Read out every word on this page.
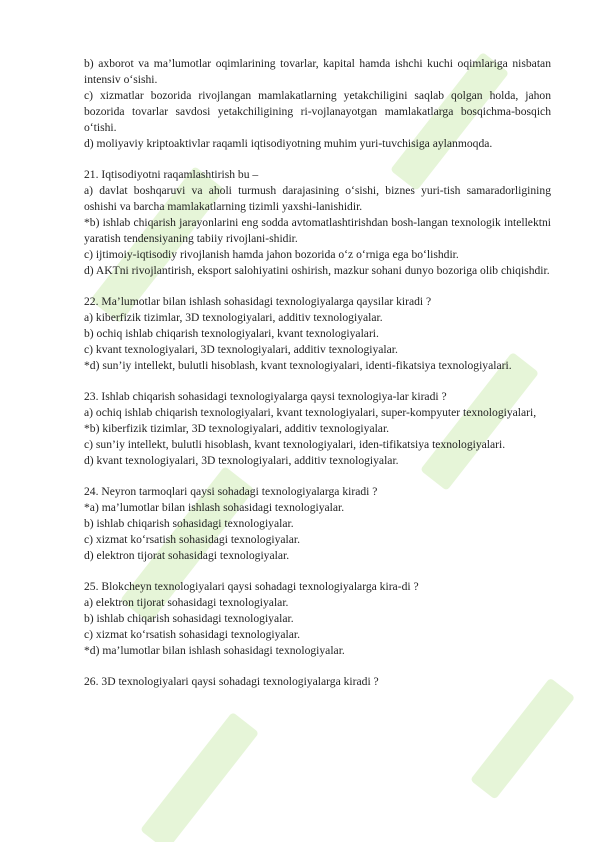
b) axborot va ma’lumotlar oqimlarining tovarlar, kapital hamda ishchi kuchi oqimlariga nisbatan intensiv o‘sishi.

c) xizmatlar bozorida rivojlangan mamlakatlarning yetakchiligini saqlab qolgan holda, jahon bozorida tovarlar savdosi yetakchiligining ri-vojlanayotgan mamlakatlarga bosqichma-bosqich o‘tishi.

d) moliyaviy kriptoaktivlar raqamli iqtisodiyotning muhim yuri-tuvchisiga aylanmoqda.

21. Iqtisodiyotni raqamlashtirish bu –

a) davlat boshqaruvi va aholi turmush darajasining o‘sishi, biznes yuri-tish samaradorligining oshishi va barcha mamlakatlarning tizimli yaxshi-lanishidir.

*b) ishlab chiqarish jarayonlarini eng sodda avtomatlashtirishdan bosh-langan texnologik intellektni yaratish tendensiyaning tabiiy rivojlani-shidir.

c) ijtimoiy-iqtisodiy rivojlanish hamda jahon bozorida o‘z o‘rniga ega bo‘lishdir.

d) AKTni rivojlantirish, eksport salohiyatini oshirish, mazkur sohani dunyo bozoriga olib chiqishdir.

22. Ma’lumotlar bilan ishlash sohasidagi texnologiyalarga qaysilar kiradi ?

a) kiberfizik tizimlar, 3D texnologiyalari, additiv texnologiyalar.

b) ochiq ishlab chiqarish texnologiyalari, kvant texnologiyalari.

c) kvant texnologiyalari, 3D texnologiyalari, additiv texnologiyalar.

*d) sun’iy intellekt, bulutli hisoblash, kvant texnologiyalari, identi-fikatsiya texnologiyalari.

23. Ishlab chiqarish sohasidagi texnologiyalarga qaysi texnologiya-lar kiradi ?

a) ochiq ishlab chiqarish texnologiyalari, kvant texnologiyalari, super-kompyuter texnologiyalari,

*b) kiberfizik tizimlar, 3D texnologiyalari, additiv texnologiyalar.

c) sun’iy intellekt, bulutli hisoblash, kvant texnologiyalari, iden-tifikatsiya texnologiyalari.

d) kvant texnologiyalari, 3D texnologiyalari, additiv texnologiyalar.

24. Neyron tarmoqlari qaysi sohadagi texnologiyalarga kiradi ?

*a) ma’lumotlar bilan ishlash sohasidagi texnologiyalar.

b) ishlab chiqarish sohasidagi texnologiyalar.

c) xizmat ko‘rsatish sohasidagi texnologiyalar.

d) elektron tijorat sohasidagi texnologiyalar.

25. Blokcheyn texnologiyalari qaysi sohadagi texnologiyalarga kira-di ?

a) elektron tijorat sohasidagi texnologiyalar.

b) ishlab chiqarish sohasidagi texnologiyalar.

c) xizmat ko‘rsatish sohasidagi texnologiyalar.

*d) ma’lumotlar bilan ishlash sohasidagi texnologiyalar.

26. 3D texnologiyalari qaysi sohadagi texnologiyalarga kiradi ?
